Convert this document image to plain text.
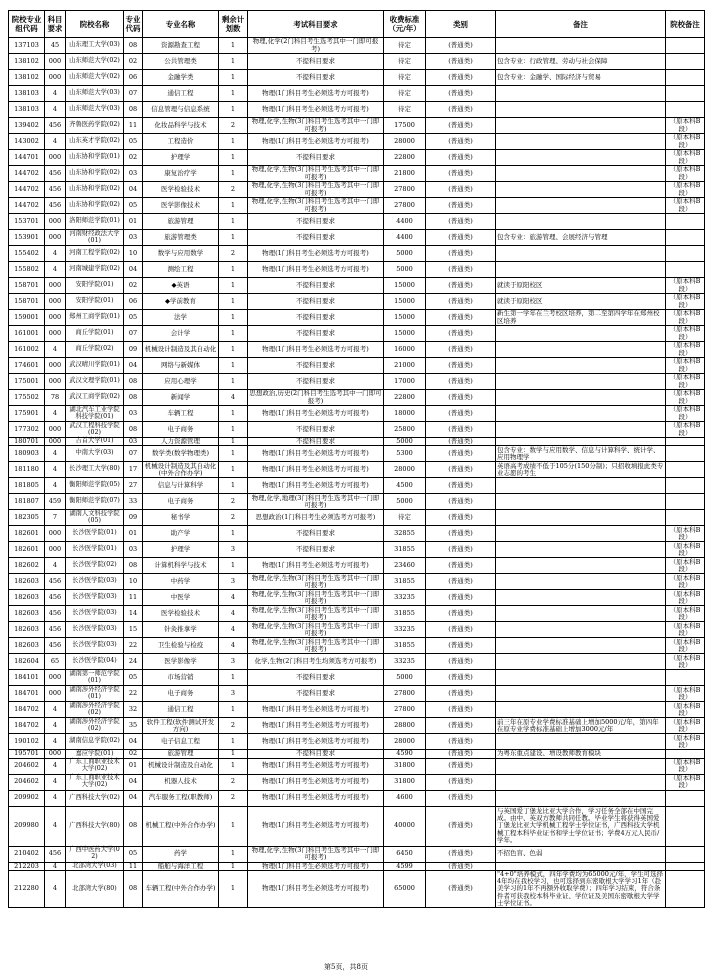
院校专业组代码	科目要求	院校名称	专业代码	专业名称	剩余计划数	考试科目要求	收费标准（元/年）	类别	备注	院校备注
137103	45	山东理工大学(03)	08	资源勘查工程	1	物理,化学(2门科目考生选考其中一门即可报考)	待定	(普通类)		
138102	000	山东师范大学(02)	02	公共管理类	1	不提科目要求	待定	(普通类)	包含专业：行政管理、劳动与社会保障	
138102	000	山东师范大学(02)	06	金融学类	1	不提科目要求	待定	(普通类)	包含专业：金融学、国际经济与贸易	
138103	4	山东师范大学(03)	07	通信工程	1	物理(1门科目考生必须选考方可报考)	待定	(普通类)		
138103	4	山东师范大学(03)	08	信息管理与信息系统	1	物理(1门科目考生必须选考方可报考)	待定	(普通类)		
139402	456	齐鲁医药学院(02)	11	化妆品科学与技术	2	物理,化学,生物(3门科目考生选考其中一门即可报考)	17500	(普通类)		（原本科B段）
143002	4	山东英才学院(02)	05	工程造价	1	物理(1门科目考生必须选考方可报考)	28000	(普通类)		（原本科B段）
144701	000	山东协和学院(01)	02	护理学	1	不提科目要求	22800	(普通类)		（原本科B段）
144702	456	山东协和学院(02)	03	康复治疗学	1	物理,化学,生物(3门科目考生选考其中一门即可报考)	21800	(普通类)		（原本科B段）
144702	456	山东协和学院(02)	04	医学检验技术	2	物理,化学,生物(3门科目考生选考其中一门即可报考)	27800	(普通类)		（原本科B段）
144702	456	山东协和学院(02)	05	医学影像技术	1	物理,化学,生物(3门科目考生选考其中一门即可报考)	27800	(普通类)		（原本科B段）
153701	000	洛阳师范学院(01)	01	旅游管理	1	不提科目要求	4400	(普通类)		
153901	000	河南财经政法大学(01)	03	旅游管理类	1	不提科目要求	4400	(普通类)	包含专业：旅游管理、会展经济与管理	
155402	4	河南工程学院(02)	10	数学与应用数学	2	物理(1门科目考生必须选考方可报考)	5000	(普通类)		
155802	4	河南城建学院(02)	04	测绘工程	1	物理(1门科目考生必须选考方可报考)	5000	(普通类)		
158701	000	安阳学院(01)	02	◆英语	1	不提科目要求	15000	(普通类)	就读于原阳校区	（原本科B段）
158701	000	安阳学院(01)	06	◆学前教育	1	不提科目要求	15000	(普通类)	就读于原阳校区	（原本科B段）
159001	000	郑州工商学院(01)	05	法学	1	不提科目要求	15000	(普通类)	新生第一学年在兰考校区培养，第二至第四学年在郑州校区培养	（原本科B段）
161001	000	商丘学院(01)	07	会计学	1	不提科目要求	15000	(普通类)		（原本科B段）
161002	4	商丘学院(02)	09	机械设计制造及其自动化	1	物理(1门科目考生必须选考方可报考)	16000	(普通类)		（原本科B段）
174601	000	武汉晴川学院(01)	04	网络与新媒体	1	不提科目要求	21000	(普通类)		（原本科B段）
175001	000	武汉文理学院(01)	08	应用心理学	1	不提科目要求	17000	(普通类)		（原本科B段）
175502	78	武汉工商学院(02)	08	新闻学	4	思想政治,历史(2门科目考生选考其中一门即可报考)	22800	(普通类)		（原本科B段）
175901	4	湖北汽车工业学院科技学院(01)	03	车辆工程	1	物理(1门科目考生必须选考方可报考)	18000	(普通类)		（原本科B段）
177302	000	武汉工程科技学院(02)	08	电子商务	1	不提科目要求	25800	(普通类)		（原本科B段）
180701	000	吉首大学(01)	03	人力资源管理	1	不提科目要求	5000	(普通类)		
180903	4	中南大学(03)	07	数学类(数学物理类)	1	物理(1门科目考生必须选考方可报考)	5300	(普通类)	包含专业：数学与应用数学、信息与计算科学、统计学、应用物理学	
181180	4	长沙理工大学(80)	17	机械设计制造及其自动化(中外合作办学)	1	物理(1门科目考生必须选考方可报考)	28000	(普通类)	英语高考成绩不低于105分(150分制)；只招收填报此类专业志愿的考生	
181805	4	衡阳师范学院(05)	27	信息与计算科学	1	物理(1门科目考生必须选考方可报考)	4500	(普通类)		
181807	459	衡阳师范学院(07)	33	电子商务	2	物理,化学,地理(3门科目考生选考其中一门即可报考)	5000	(普通类)		
182305	7	湖南人文科技学院(05)	09	秘书学	2	思想政治(1门科目考生必须选考方可报考)	待定	(普通类)		
182601	000	长沙医学院(01)	01	助产学	1	不提科目要求	32855	(普通类)		（原本科B段）
182601	000	长沙医学院(01)	03	护理学	3	不提科目要求	31855	(普通类)		（原本科B段）
182602	4	长沙医学院(02)	08	计算机科学与技术	1	物理(1门科目考生必须选考方可报考)	23460	(普通类)		（原本科B段）
182603	456	长沙医学院(03)	10	中药学	3	物理,化学,生物(3门科目考生选考其中一门即可报考)	31855	(普通类)		（原本科B段）
182603	456	长沙医学院(03)	11	中医学	4	物理,化学,生物(3门科目考生选考其中一门即可报考)	33235	(普通类)		（原本科B段）
182603	456	长沙医学院(03)	14	医学检验技术	4	物理,化学,生物(3门科目考生选考其中一门即可报考)	31855	(普通类)		（原本科B段）
182603	456	长沙医学院(03)	15	针灸推拿学	4	物理,化学,生物(3门科目考生选考其中一门即可报考)	33235	(普通类)		（原本科B段）
182603	456	长沙医学院(03)	22	卫生检验与检疫	4	物理,化学,生物(3门科目考生选考其中一门即可报考)	31855	(普通类)		（原本科B段）
182604	65	长沙医学院(04)	24	医学影像学	3	化学,生物(2门科目考生均须选考方可报考)	33235	(普通类)		（原本科B段）
184101	000	湖南第一师范学院(01)	05	市场营销	1	不提科目要求	5000	(普通类)		
184701	000	湖南涉外经济学院(01)	22	电子商务	3	不提科目要求	27800	(普通类)		（原本科B段）
184702	4	湖南涉外经济学院(02)	32	通信工程	1	物理(1门科目考生必须选考方可报考)	27800	(普通类)		（原本科B段）
184702	4	湖南涉外经济学院(02)	35	软件工程(软件测试开发方向)	2	物理(1门科目考生必须选考方可报考)	28800	(普通类)	前三年在原专业学费标准基础上增加5000元/年，第四年在原专业学费标准基础上增加3000元/年	（原本科B段）
190102	4	湖南信息学院(02)	04	电子信息工程	1	物理(1门科目考生必须选考方可报考)	28000	(普通类)		（原本科B段）
195701	000	嘉应学院(01)	02	旅游管理	1	不提科目要求	4590	(普通类)	为粤东重点建设、增设教师教育模块	
204602	4	广东工商职业技术大学(02)	01	机械设计制造及自动化	1	物理(1门科目考生必须选考方可报考)	31800	(普通类)		（原本科B段）
204602	4	广东工商职业技术大学(02)	04	机器人技术	2	物理(1门科目考生必须选考方可报考)	31800	(普通类)		（原本科B段）
209902	4	广西科技大学(02)	04	汽车服务工程(职教师)	2	物理(1门科目考生必须选考方可报考)	4600	(普通类)		
209980	4	广西科技大学(80)	08	机械工程(中外合作办学)	1	物理(1门科目考生必须选考方可报考)	40000	(普通类)	与英国爱丁堡龙比亚大学合作，学习任务全部在中国完成。由中、英双方教师共同任教。毕业学生将获得英国爱丁堡龙比亚大学机械工程学士学位证书，广西科技大学机械工程本科毕业证书和学士学位证书；学费4万元人民币/学年。	
210402	456	广西中医药大学(02)	05	药学	1	物理,化学,生物(3门科目考生选考其中一门即可报考)	6450	(普通类)	不招色盲、色弱	
212203	4	北部湾大学(03)	11	船舶与海洋工程	1	物理(1门科目考生必须选考方可报考)	4599	(普通类)		
212280	4	北部湾大学(80)	08	车辆工程(中外合作办学)	1	物理(1门科目考生必须选考方可报考)	65000	(普通类)	"4+0"培养模式，四年学费均为65000元/年，学生可选择4年均在我校学习，也可选择到东密歇根大学学习1年（赴美学习的1年不再额外收取学费）；四年学习结束，符合条件者可获我校本科毕业证、学位证及美国东密歇根大学学士学位证书。	
第5页，共8页
